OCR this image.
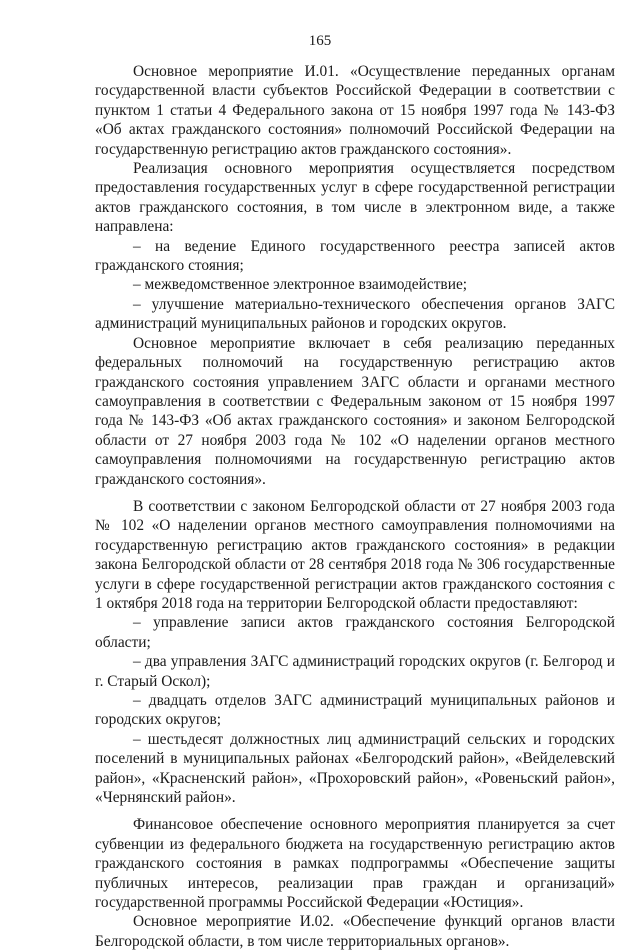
165

Основное мероприятие И.01. «Осуществление переданных органам государственной власти субъектов Российской Федерации в соответствии с пунктом 1 статьи 4 Федерального закона от 15 ноября 1997 года № 143-ФЗ «Об актах гражданского состояния» полномочий Российской Федерации на государственную регистрацию актов гражданского состояния».

Реализация основного мероприятия осуществляется посредством предоставления государственных услуг в сфере государственной регистрации актов гражданского состояния, в том числе в электронном виде, а также направлена:

– на ведение Единого государственного реестра записей актов гражданского стояния;

– межведомственное электронное взаимодействие;

– улучшение материально-технического обеспечения органов ЗАГС администраций муниципальных районов и городских округов.

Основное мероприятие включает в себя реализацию переданных федеральных полномочий на государственную регистрацию актов гражданского состояния управлением ЗАГС области и органами местного самоуправления в соответствии с Федеральным законом от 15 ноября 1997 года № 143-ФЗ «Об актах гражданского состояния» и законом Белгородской области от 27 ноября 2003 года № 102 «О наделении органов местного самоуправления полномочиями на государственную регистрацию актов гражданского состояния».

В соответствии с законом Белгородской области от 27 ноября 2003 года № 102 «О наделении органов местного самоуправления полномочиями на государственную регистрацию актов гражданского состояния» в редакции закона Белгородской области от 28 сентября 2018 года № 306 государственные услуги в сфере государственной регистрации актов гражданского состояния с 1 октября 2018 года на территории Белгородской области предоставляют:

– управление записи актов гражданского состояния Белгородской области;

– два управления ЗАГС администраций городских округов (г. Белгород и г. Старый Оскол);

– двадцать отделов ЗАГС администраций муниципальных районов и городских округов;

– шестьдесят должностных лиц администраций сельских и городских поселений в муниципальных районах «Белгородский район», «Вейделевский район», «Красненский район», «Прохоровский район», «Ровеньский район», «Чернянский район».

Финансовое обеспечение основного мероприятия планируется за счет субвенции из федерального бюджета на государственную регистрацию актов гражданского состояния в рамках подпрограммы «Обеспечение защиты публичных интересов, реализации прав граждан и организаций» государственной программы Российской Федерации «Юстиция».

Основное мероприятие И.02. «Обеспечение функций органов власти Белгородской области, в том числе территориальных органов».
